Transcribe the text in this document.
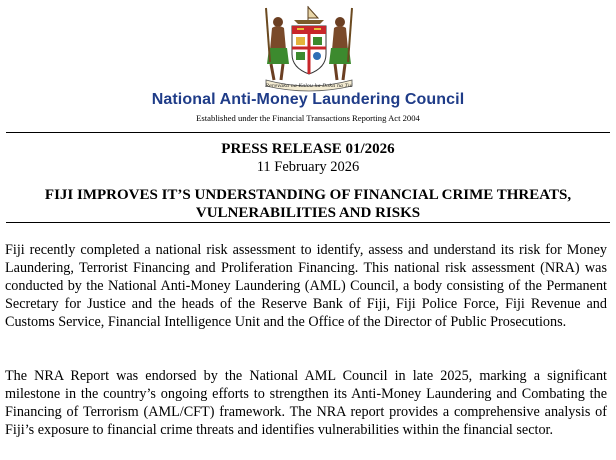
Rerevaka na Kalou ka Doka na Tui
National Anti-Money Laundering Council
Established under the Financial Transactions Reporting Act 2004
PRESS RELEASE 01/2026
11 February 2026
FIJI IMPROVES IT’S UNDERSTANDING OF FINANCIAL CRIME THREATS,
VULNERABILITIES AND RISKS

Fiji recently completed a national risk assessment to identify, assess and understand its risk for Money Laundering, Terrorist Financing and Proliferation Financing. This national risk assessment (NRA) was conducted by the National Anti-Money Laundering (AML) Council, a body consisting of the Permanent Secretary for Justice and the heads of the Reserve Bank of Fiji, Fiji Police Force, Fiji Revenue and Customs Service, Financial Intelligence Unit and the Office of the Director of Public Prosecutions.

The NRA Report was endorsed by the National AML Council in late 2025, marking a significant milestone in the country’s ongoing efforts to strengthen its Anti-Money Laundering and Combating the Financing of Terrorism (AML/CFT) framework. The NRA report provides a comprehensive analysis of Fiji’s exposure to financial crime threats and identifies vulnerabilities within the financial sector.
